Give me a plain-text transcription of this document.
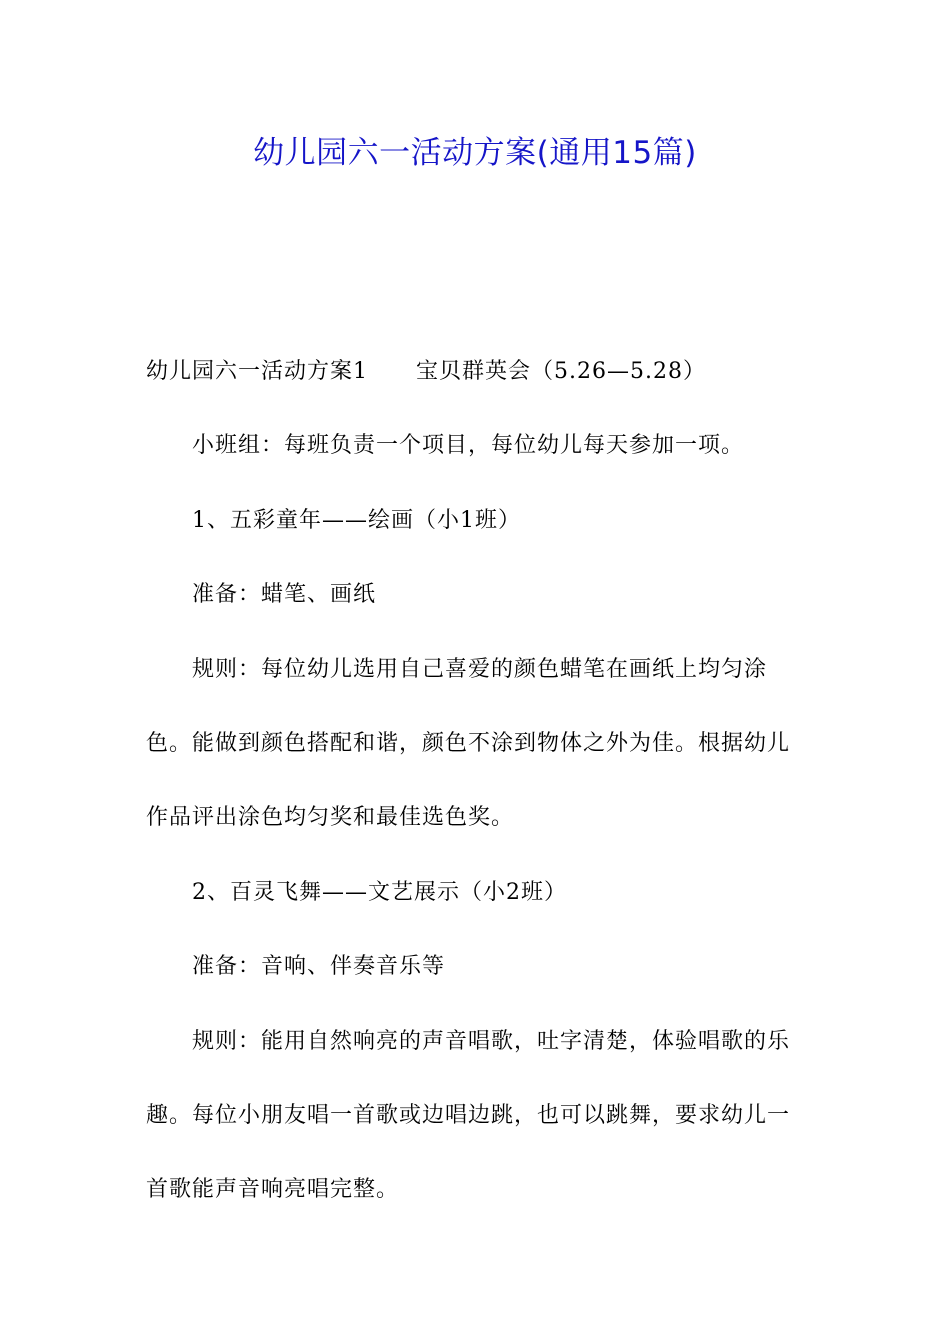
幼儿园六一活动方案(通用15篇)

幼儿园六一活动方案1 宝贝群英会（5.26—5.28）

小班组：每班负责一个项目，每位幼儿每天参加一项。

1、五彩童年——绘画（小1班）

准备：蜡笔、画纸

规则：每位幼儿选用自己喜爱的颜色蜡笔在画纸上均匀涂色。能做到颜色搭配和谐，颜色不涂到物体之外为佳。根据幼儿作品评出涂色均匀奖和最佳选色奖。

2、百灵飞舞——文艺展示（小2班）

准备：音响、伴奏音乐等

规则：能用自然响亮的声音唱歌，吐字清楚，体验唱歌的乐趣。每位小朋友唱一首歌或边唱边跳，也可以跳舞，要求幼儿一首歌能声音响亮唱完整。
